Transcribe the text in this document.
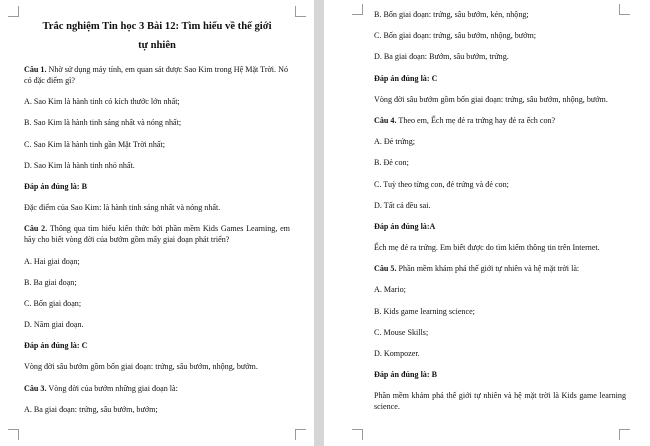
Trắc nghiệm Tin học 3 Bài 12: Tìm hiểu về thế giới
tự nhiên
Câu 1. Nhờ sử dụng máy tính, em quan sát được Sao Kim trong Hệ Mặt Trời. Nó có đặc điểm gì?
A. Sao Kim là hành tinh có kích thước lớn nhất;
B. Sao Kim là hành tinh sáng nhất và nóng nhất;
C. Sao Kim là hành tinh gần Mặt Trời nhất;
D. Sao Kim là hành tinh nhỏ nhất.
Đáp án đúng là: B
Đặc điểm của Sao Kim: là hành tinh sáng nhất và nóng nhất.
Câu 2. Thông qua tìm hiểu kiến thức bởi phần mềm Kids Games Learning, em hãy cho biết vòng đời của bướm gồm mấy giai đoạn phát triển?
A. Hai giai đoạn;
B. Ba giai đoạn;
C. Bốn giai đoạn;
D. Năm giai đoạn.
Đáp án đúng là: C
Vòng đời sâu bướm gồm bốn giai đoạn: trứng, sâu bướm, nhộng, bướm.
Câu 3. Vòng đời của bướm những giai đoạn là:
A. Ba giai đoạn: trứng, sâu bướm, bướm;
B. Bốn giai đoạn: trứng, sâu bướm, kén, nhộng;
C. Bốn giai đoạn: trứng, sâu bướm, nhộng, bướm;
D. Ba giai đoạn: Bướm, sâu bướm, trứng.
Đáp án đúng là: C
Vòng đời sâu bướm gồm bốn giai đoạn: trứng, sâu bướm, nhộng, bướm.
Câu 4. Theo em, Ếch mẹ đẻ ra trứng hay đẻ ra ếch con?
A. Đẻ trứng;
B. Đẻ con;
C. Tuỳ theo từng con, đẻ trứng và đẻ con;
D. Tất cả đều sai.
Đáp án đúng là:A
Ếch mẹ đẻ ra trứng. Em biết được do tìm kiếm thông tin trên Internet.
Câu 5. Phần mềm khám phá thế giới tự nhiên và hệ mặt trời là:
A. Mario;
B. Kids game learning science;
C. Mouse Skills;
D. Kompozer.
Đáp án đúng là: B
Phần mềm khám phá thế giới tự nhiên và hệ mặt trời là Kids game learning science.
